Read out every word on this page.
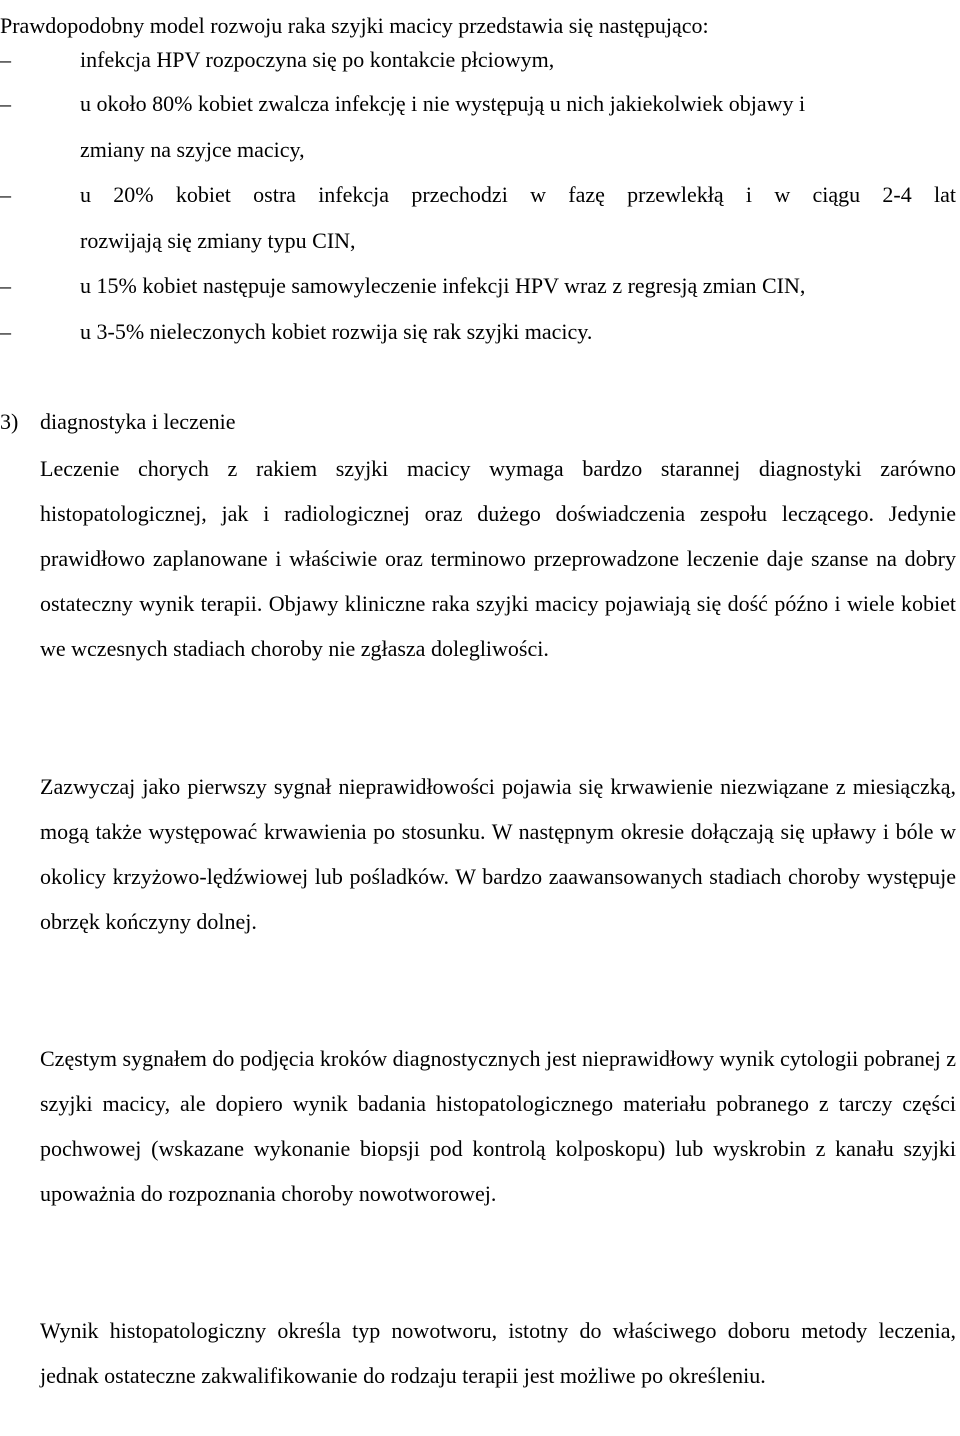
Prawdopodobny model rozwoju raka szyjki macicy przedstawia się następująco:
–	infekcja HPV rozpoczyna się po kontakcie płciowym,
–	u około 80% kobiet zwalcza infekcję i nie występują u nich jakiekolwiek objawy i
zmiany na szyjce macicy,
–	u 20% kobiet ostra infekcja przechodzi w fazę przewlekłą i w ciągu 2-4 lat
rozwijają się zmiany typu CIN,
–	u 15% kobiet następuje samowyleczenie infekcji HPV wraz z regresją zmian CIN,
–	u 3-5% nieleczonych kobiet rozwija się rak szyjki macicy.
3) diagnostyka i leczenie
Leczenie chorych z rakiem szyjki macicy wymaga bardzo starannej diagnostyki zarówno histopatologicznej, jak i radiologicznej oraz dużego doświadczenia zespołu leczącego. Jedynie prawidłowo zaplanowane i właściwie oraz terminowo przeprowadzone leczenie daje szanse na dobry ostateczny wynik terapii. Objawy kliniczne raka szyjki macicy pojawiają się dość późno i wiele kobiet we wczesnych stadiach choroby nie zgłasza dolegliwości.
Zazwyczaj jako pierwszy sygnał nieprawidłowości pojawia się krwawienie niezwiązane z miesiączką, mogą także występować krwawienia po stosunku. W następnym okresie dołączają się upławy i bóle w okolicy krzyżowo-lędźwiowej lub pośladków. W bardzo zaawansowanych stadiach choroby występuje obrzęk kończyny dolnej.
Częstym sygnałem do podjęcia kroków diagnostycznych jest nieprawidłowy wynik cytologii pobranej z szyjki macicy, ale dopiero wynik badania histopatologicznego materiału pobranego z tarczy części pochwowej (wskazane wykonanie biopsji pod kontrolą kolposkopu) lub wyskrobin z kanału szyjki upoważnia do rozpoznania choroby nowotworowej.
Wynik histopatologiczny określa typ nowotworu, istotny do właściwego doboru metody leczenia, jednak ostateczne zakwalifikowanie do rodzaju terapii jest możliwe po określeniu.
